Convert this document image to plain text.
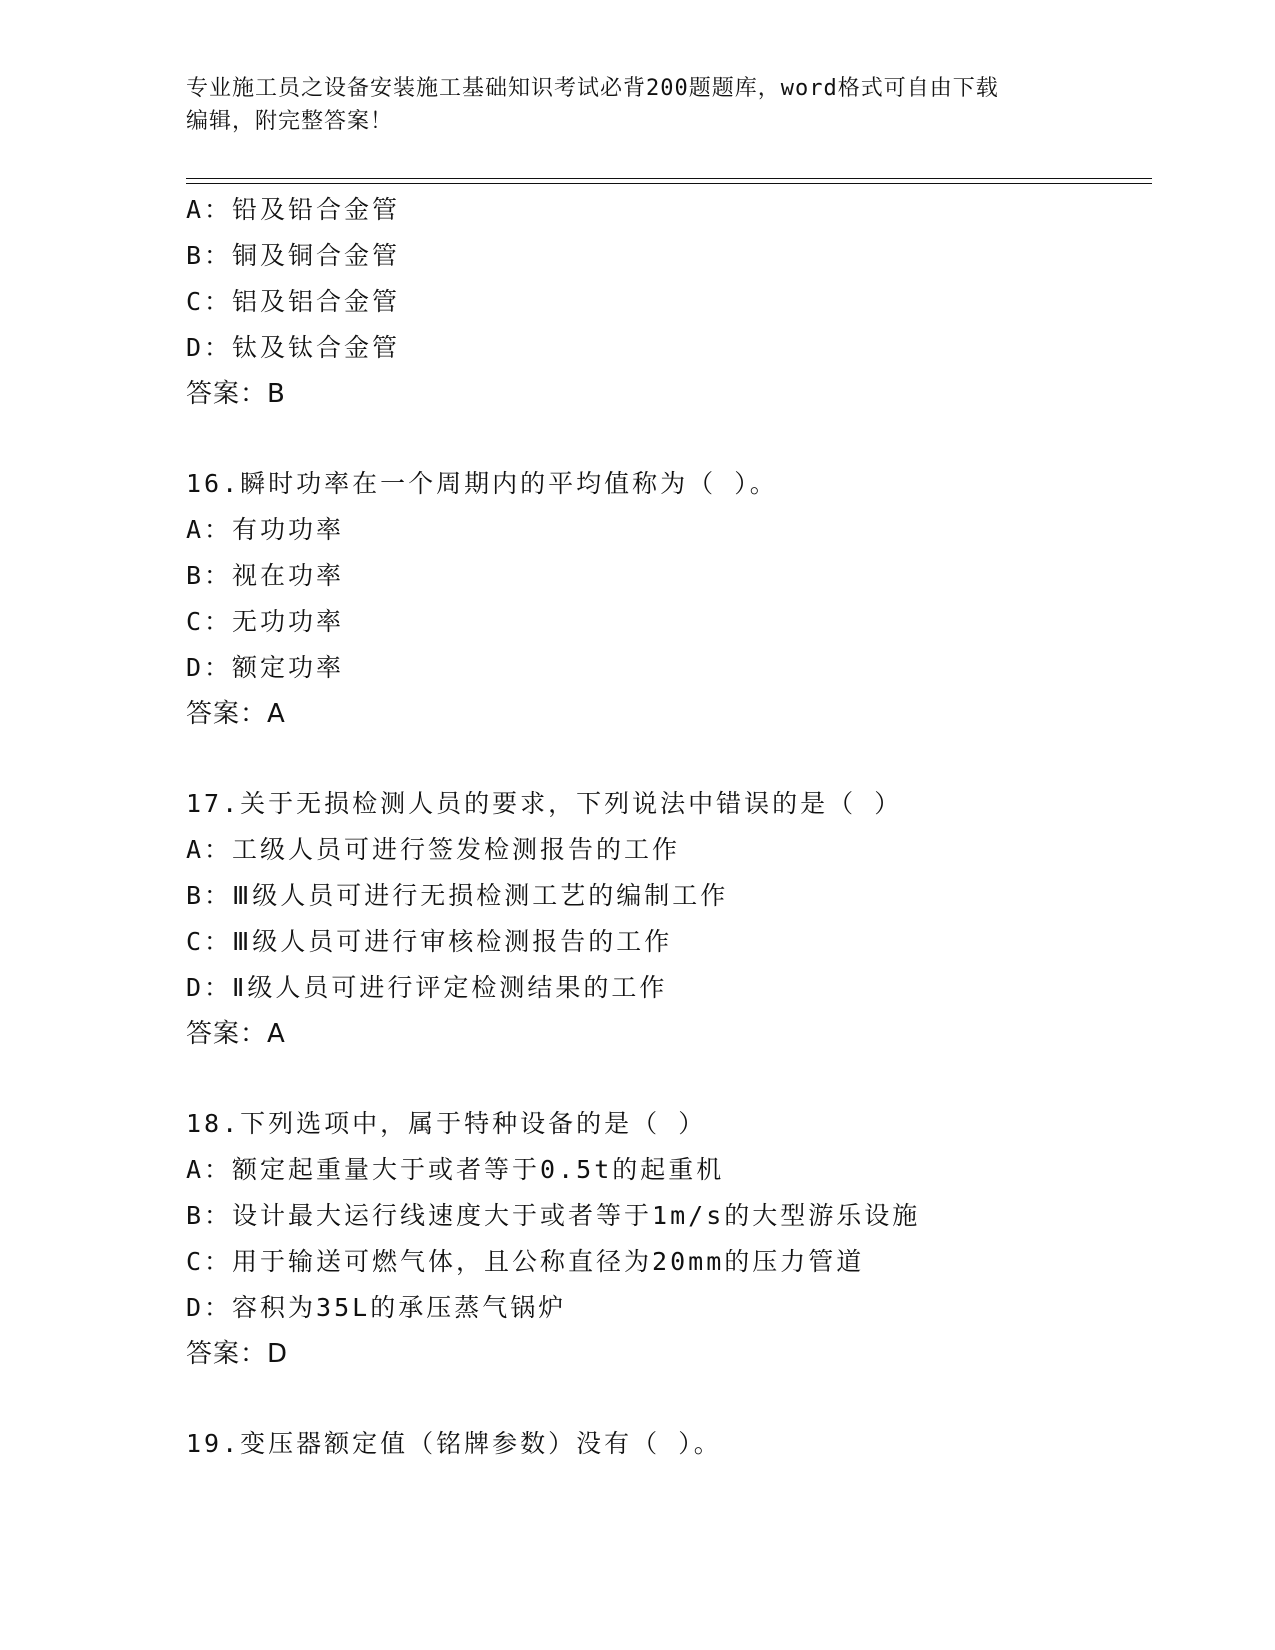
专业施工员之设备安装施工基础知识考试必背200题题库，word格式可自由下载
编辑，附完整答案！
A：铅及铅合金管
B：铜及铜合金管
C：铝及铝合金管
D：钛及钛合金管
答案：B
16.瞬时功率在一个周期内的平均值称为（ ）。
A：有功功率
B：视在功率
C：无功功率
D：额定功率
答案：A
17.关于无损检测人员的要求，下列说法中错误的是（ ）
A：工级人员可进行签发检测报告的工作
B：Ⅲ级人员可进行无损检测工艺的编制工作
C：Ⅲ级人员可进行审核检测报告的工作
D：Ⅱ级人员可进行评定检测结果的工作
答案：A
18.下列选项中，属于特种设备的是（ ）
A：额定起重量大于或者等于0.5t的起重机
B：设计最大运行线速度大于或者等于1m/s的大型游乐设施
C：用于输送可燃气体，且公称直径为20mm的压力管道
D：容积为35L的承压蒸气锅炉
答案：D
19.变压器额定值（铭牌参数）没有（ ）。
